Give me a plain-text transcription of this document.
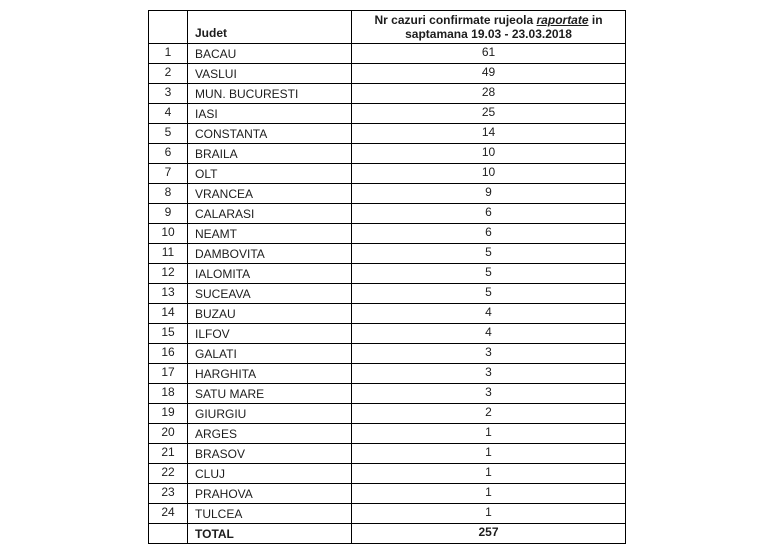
	Judet	Nr cazuri confirmate rujeola raportate in
saptamana 19.03 - 23.03.2018

1	BACAU	61
2	VASLUI	49
3	MUN. BUCURESTI	28
4	IASI	25
5	CONSTANTA	14
6	BRAILA	10
7	OLT	10
8	VRANCEA	9
9	CALARASI	6
10	NEAMT	6
11	DAMBOVITA	5
12	IALOMITA	5
13	SUCEAVA	5
14	BUZAU	4
15	ILFOV	4
16	GALATI	3
17	HARGHITA	3
18	SATU MARE	3
19	GIURGIU	2
20	ARGES	1
21	BRASOV	1
22	CLUJ	1
23	PRAHOVA	1
24	TULCEA	1
	TOTAL	257
